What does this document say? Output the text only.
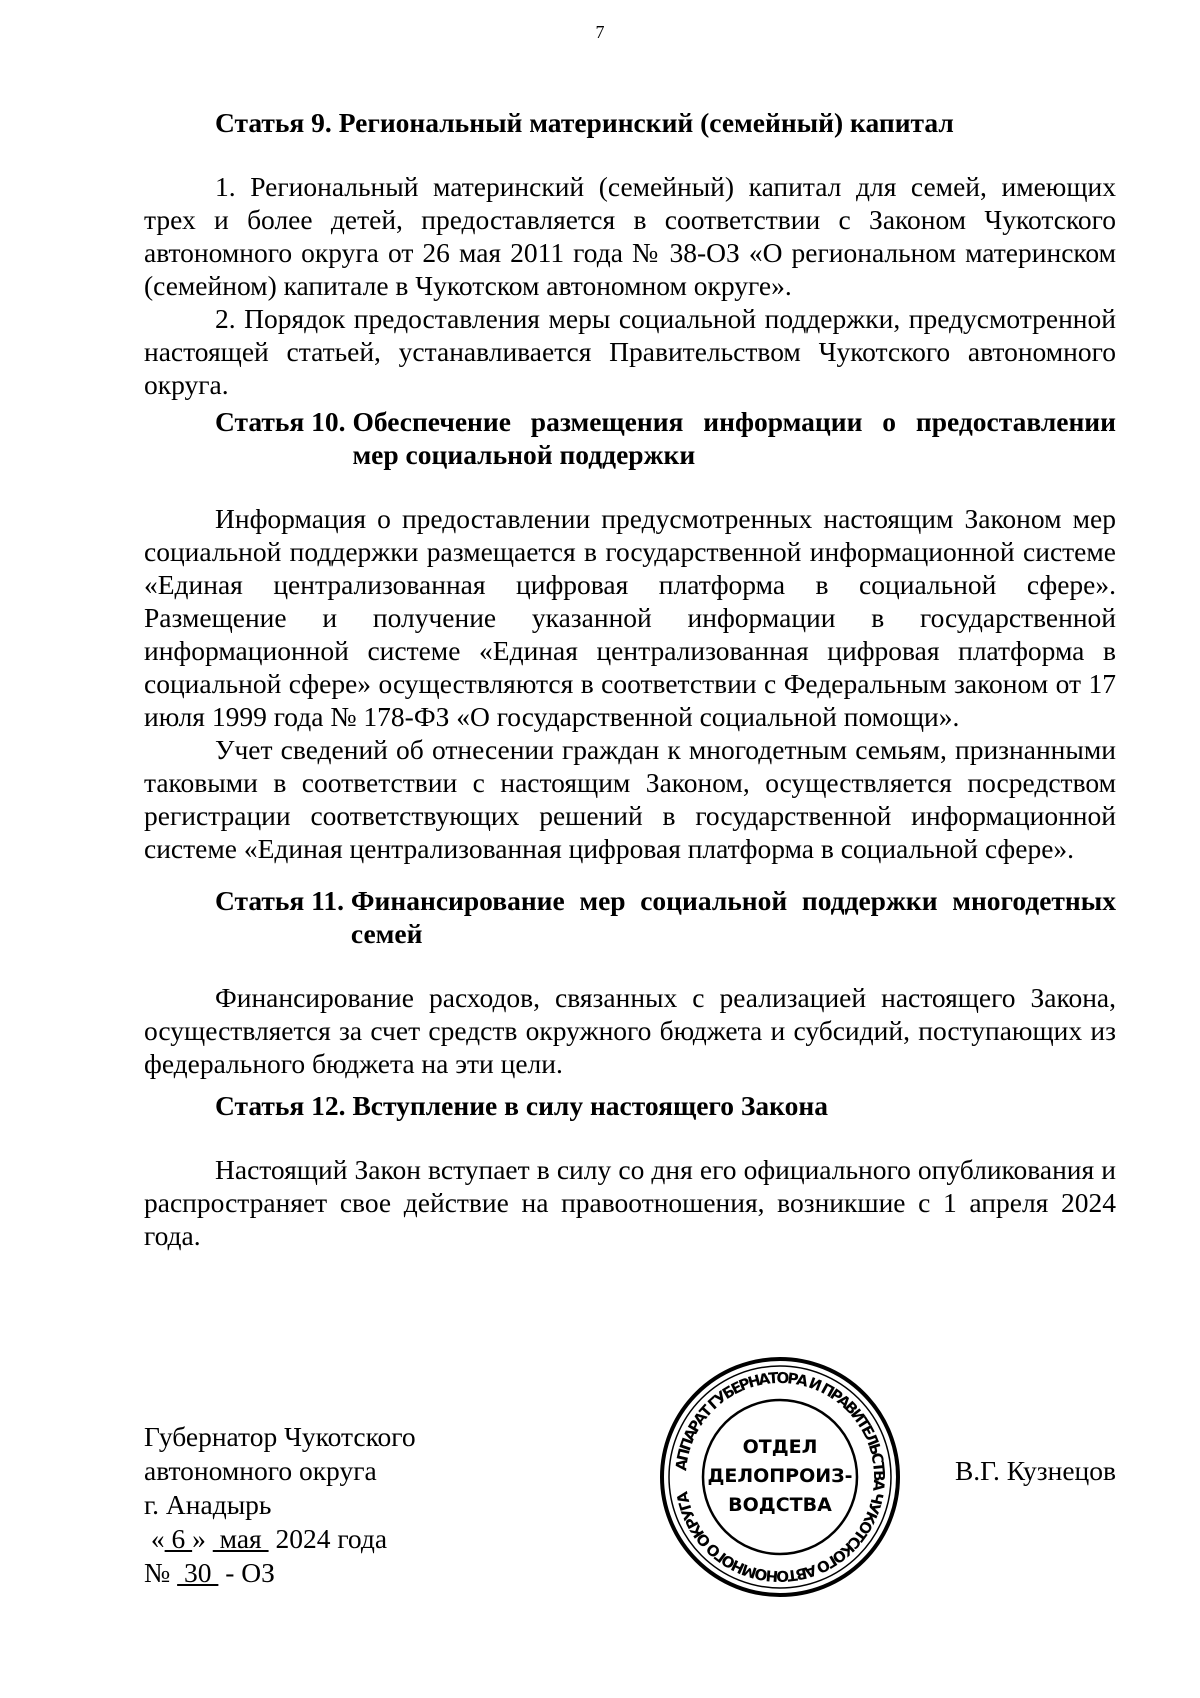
7
Статья 9. Региональный материнский (семейный) капитал

1. Региональный материнский (семейный) капитал для семей, имеющих трех и более детей, предоставляется в соответствии с Законом Чукотского автономного округа от 26 мая 2011 года № 38-ОЗ «О региональном материнском (семейном) капитале в Чукотском автономном округе».

2. Порядок предоставления меры социальной поддержки, предусмотренной настоящей статьей, устанавливается Правительством Чукотского автономного округа.

Статья 10. Обеспечение размещения информации о предоставлении мер социальной поддержки

Информация о предоставлении предусмотренных настоящим Законом мер социальной поддержки размещается в государственной информационной системе «Единая централизованная цифровая платформа в социальной сфере». Размещение и получение указанной информации в государственной информационной системе «Единая централизованная цифровая платформа в социальной сфере» осуществляются в соответствии с Федеральным законом от 17 июля 1999 года № 178-ФЗ «О государственной социальной помощи».

Учет сведений об отнесении граждан к многодетным семьям, признанными таковыми в соответствии с настоящим Законом, осуществляется посредством регистрации соответствующих решений в государственной информационной системе «Единая централизованная цифровая платформа в социальной сфере».

Статья 11. Финансирование мер социальной поддержки многодетных семей

Финансирование расходов, связанных с реализацией настоящего Закона, осуществляется за счет средств окружного бюджета и субсидий, поступающих из федерального бюджета на эти цели.

Статья 12. Вступление в силу настоящего Закона

Настоящий Закон вступает в силу со дня его официального опубликования и распространяет свое действие на правоотношения, возникшие с 1 апреля 2024 года.

Губернатор Чукотского
автономного округа
г. Анадырь
« 6 »  мая  2024 года
№  30  - ОЗ
В.Г. Кузнецов
АППАРАТ ГУБЕРНАТОРА И ПРАВИТЕЛЬСТВА ЧУКОТСКОГО АВТОНОМНОГО ОКРУГА
ОТДЕЛ
ДЕЛОПРОИЗ-
ВОДСТВА
